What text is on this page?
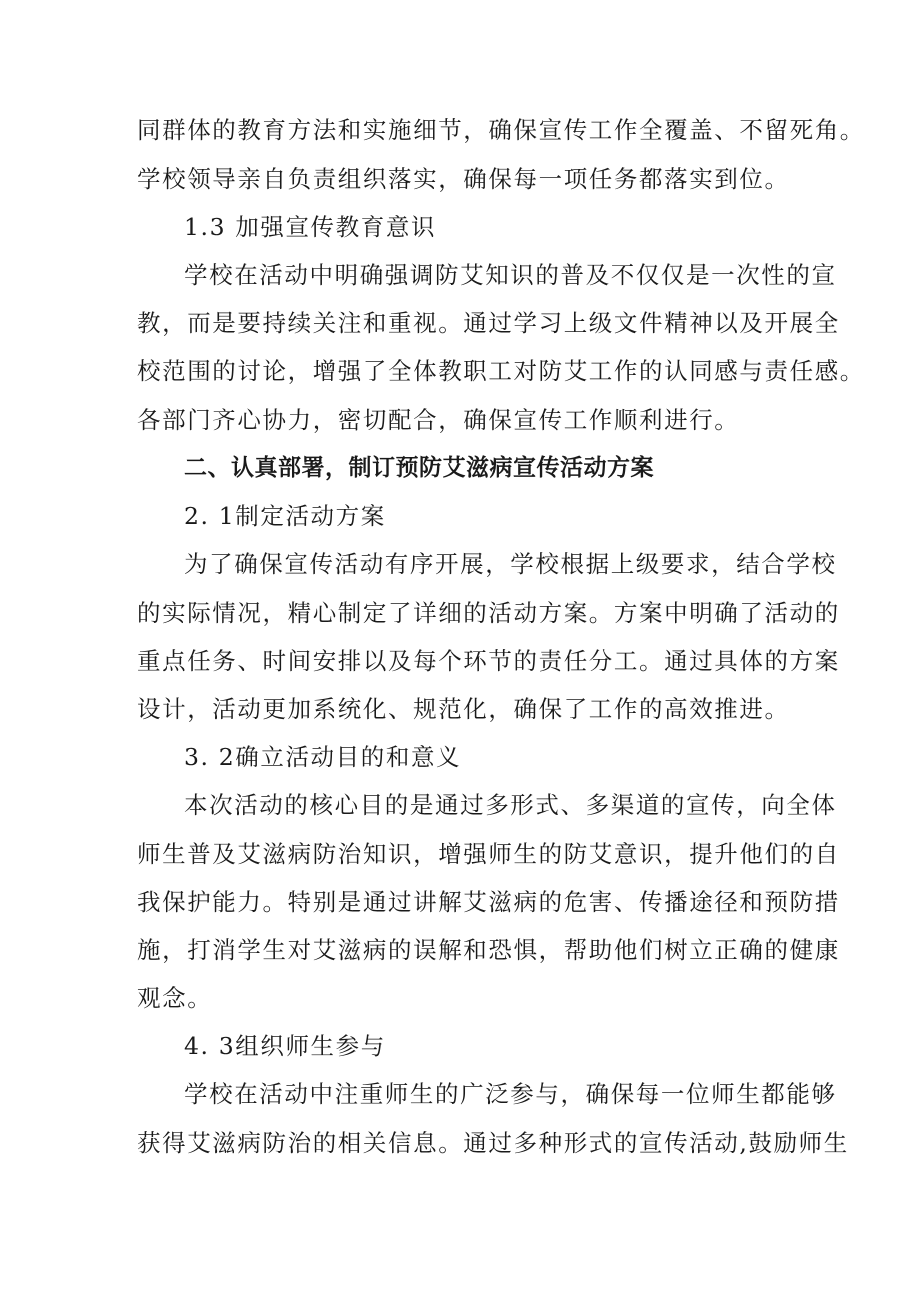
同群体的教育方法和实施细节，确保宣传工作全覆盖、不留死角。
学校领导亲自负责组织落实，确保每一项任务都落实到位。
1.3 加强宣传教育意识
学校在活动中明确强调防艾知识的普及不仅仅是一次性的宣
教，而是要持续关注和重视。通过学习上级文件精神以及开展全
校范围的讨论，增强了全体教职工对防艾工作的认同感与责任感。
各部门齐心协力，密切配合，确保宣传工作顺利进行。
二、认真部署，制订预防艾滋病宣传活动方案
2. 1制定活动方案
为了确保宣传活动有序开展，学校根据上级要求，结合学校
的实际情况，精心制定了详细的活动方案。方案中明确了活动的
重点任务、时间安排以及每个环节的责任分工。通过具体的方案
设计，活动更加系统化、规范化，确保了工作的高效推进。
3. 2确立活动目的和意义
本次活动的核心目的是通过多形式、多渠道的宣传，向全体
师生普及艾滋病防治知识，增强师生的防艾意识，提升他们的自
我保护能力。特别是通过讲解艾滋病的危害、传播途径和预防措
施，打消学生对艾滋病的误解和恐惧，帮助他们树立正确的健康
观念。
4. 3组织师生参与
学校在活动中注重师生的广泛参与，确保每一位师生都能够
获得艾滋病防治的相关信息。通过多种形式的宣传活动,鼓励师生
